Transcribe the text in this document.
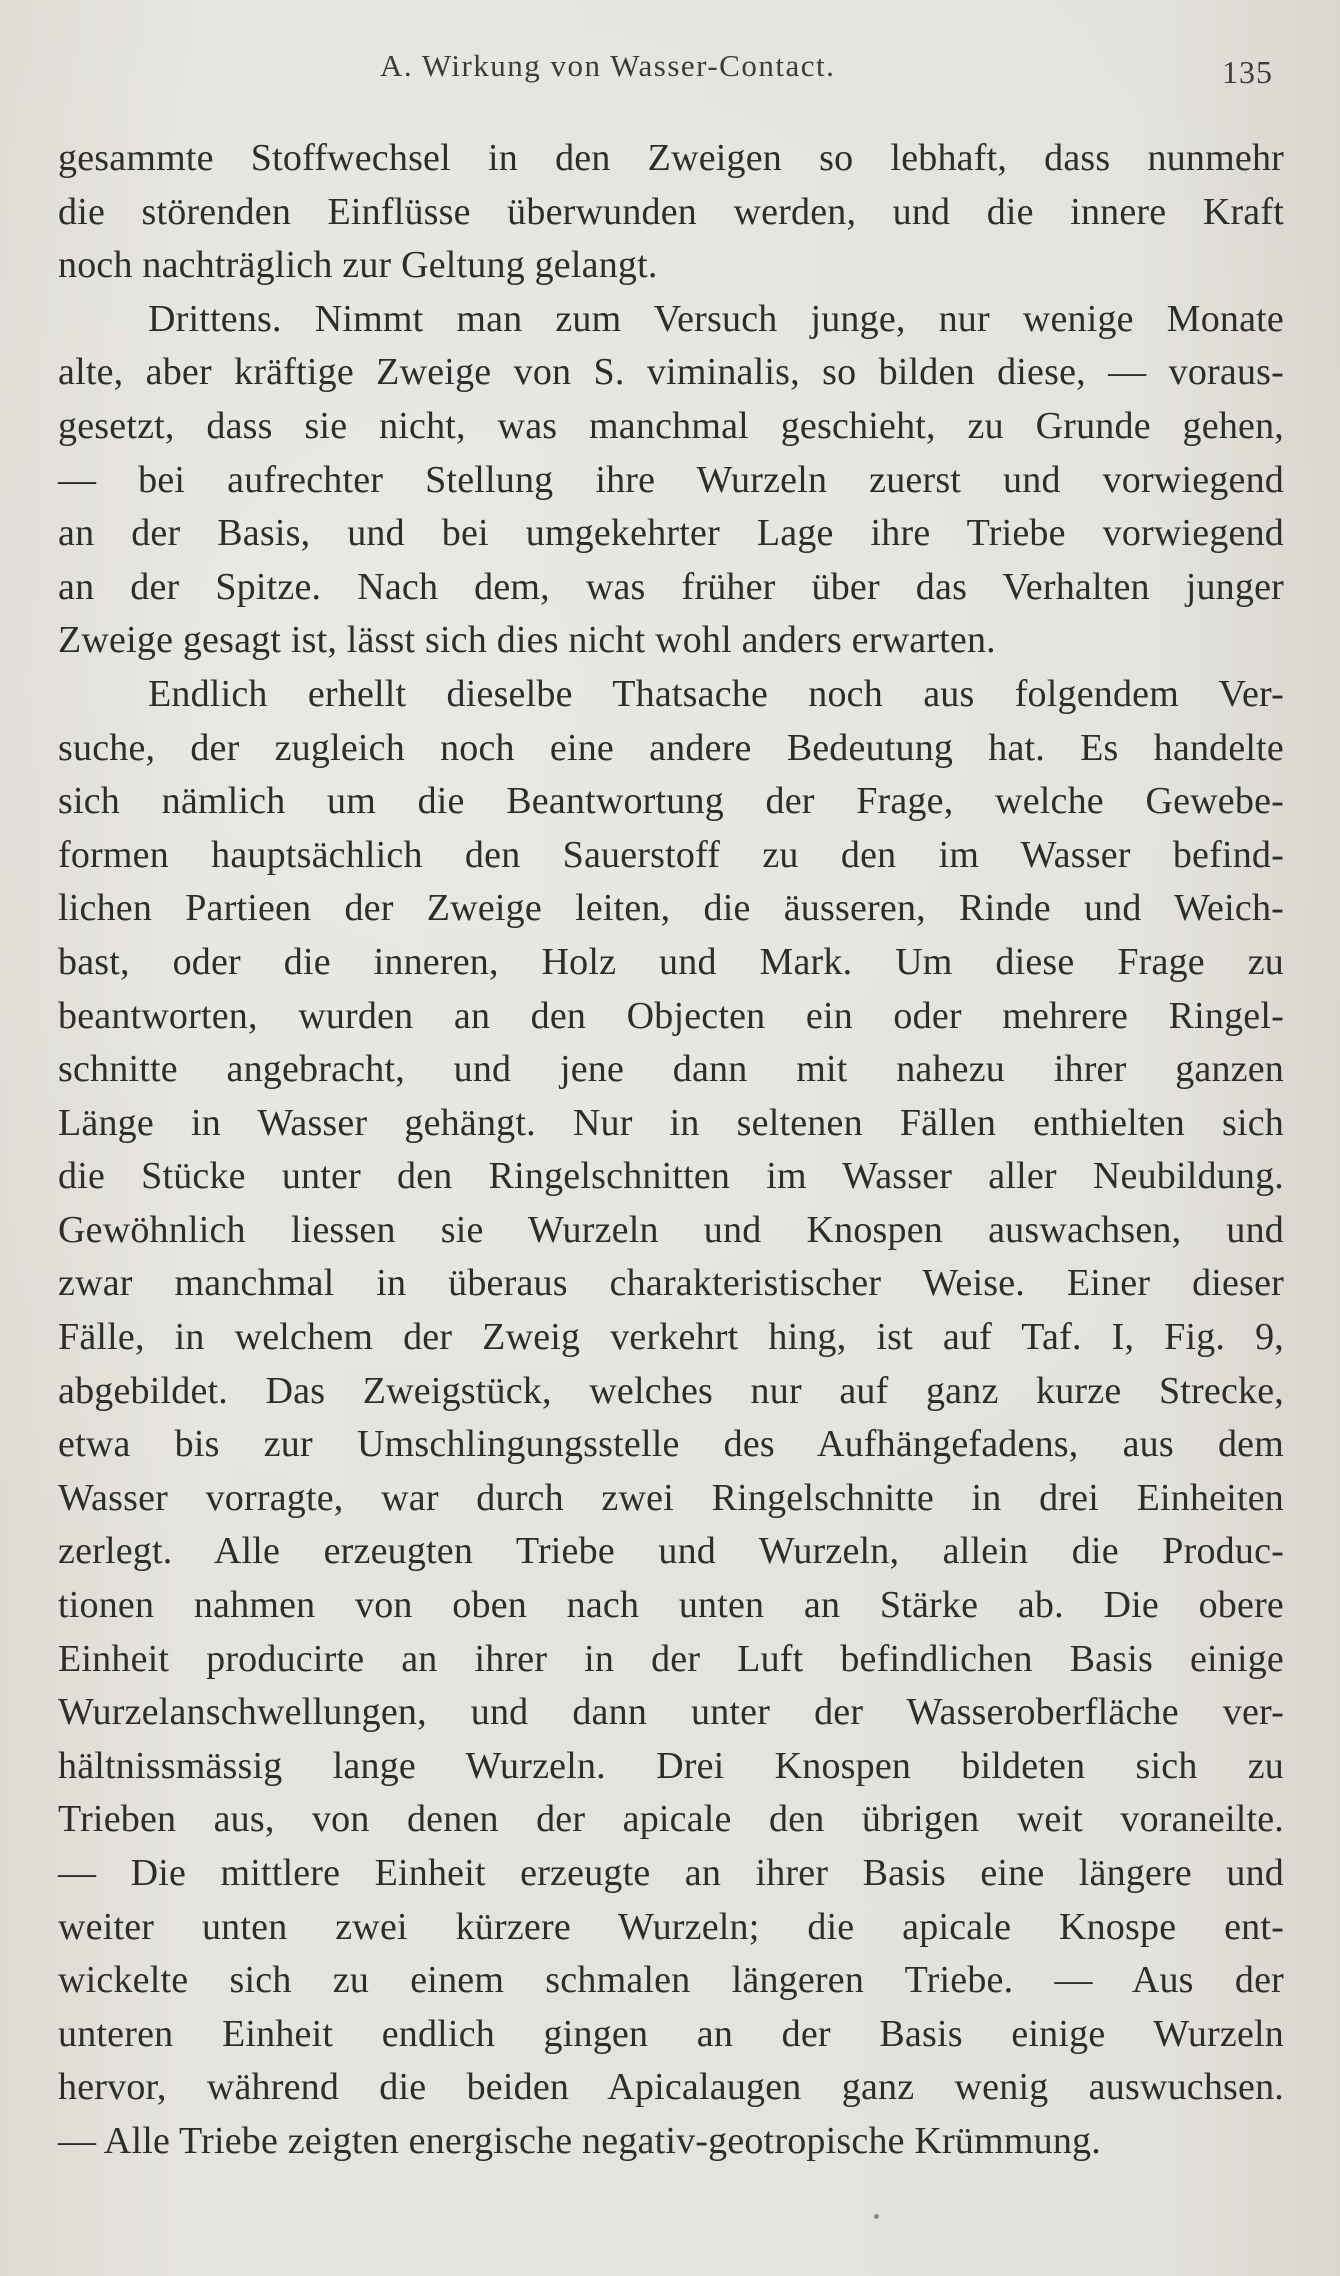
A. Wirkung von Wasser-Contact.	135
gesammte Stoffwechsel in den Zweigen so lebhaft, dass nunmehr
die störenden Einflüsse überwunden werden, und die innere Kraft
noch nachträglich zur Geltung gelangt.
Drittens. Nimmt man zum Versuch junge, nur wenige Monate
alte, aber kräftige Zweige von S. viminalis, so bilden diese, — voraus-
gesetzt, dass sie nicht, was manchmal geschieht, zu Grunde gehen,
— bei aufrechter Stellung ihre Wurzeln zuerst und vorwiegend
an der Basis, und bei umgekehrter Lage ihre Triebe vorwiegend
an der Spitze. Nach dem, was früher über das Verhalten junger
Zweige gesagt ist, lässt sich dies nicht wohl anders erwarten.
Endlich erhellt dieselbe Thatsache noch aus folgendem Ver-
suche, der zugleich noch eine andere Bedeutung hat. Es handelte
sich nämlich um die Beantwortung der Frage, welche Gewebe-
formen hauptsächlich den Sauerstoff zu den im Wasser befind-
lichen Partieen der Zweige leiten, die äusseren, Rinde und Weich-
bast, oder die inneren, Holz und Mark. Um diese Frage zu
beantworten, wurden an den Objecten ein oder mehrere Ringel-
schnitte angebracht, und jene dann mit nahezu ihrer ganzen
Länge in Wasser gehängt. Nur in seltenen Fällen enthielten sich
die Stücke unter den Ringelschnitten im Wasser aller Neubildung.
Gewöhnlich liessen sie Wurzeln und Knospen auswachsen, und
zwar manchmal in überaus charakteristischer Weise. Einer dieser
Fälle, in welchem der Zweig verkehrt hing, ist auf Taf. I, Fig. 9,
abgebildet. Das Zweigstück, welches nur auf ganz kurze Strecke,
etwa bis zur Umschlingungsstelle des Aufhängefadens, aus dem
Wasser vorragte, war durch zwei Ringelschnitte in drei Einheiten
zerlegt. Alle erzeugten Triebe und Wurzeln, allein die Produc-
tionen nahmen von oben nach unten an Stärke ab. Die obere
Einheit producirte an ihrer in der Luft befindlichen Basis einige
Wurzelanschwellungen, und dann unter der Wasseroberfläche ver-
hältnissmässig lange Wurzeln. Drei Knospen bildeten sich zu
Trieben aus, von denen der apicale den übrigen weit voraneilte.
— Die mittlere Einheit erzeugte an ihrer Basis eine längere und
weiter unten zwei kürzere Wurzeln; die apicale Knospe ent-
wickelte sich zu einem schmalen längeren Triebe. — Aus der
unteren Einheit endlich gingen an der Basis einige Wurzeln
hervor, während die beiden Apicalaugen ganz wenig auswuchsen.
— Alle Triebe zeigten energische negativ-geotropische Krümmung.
